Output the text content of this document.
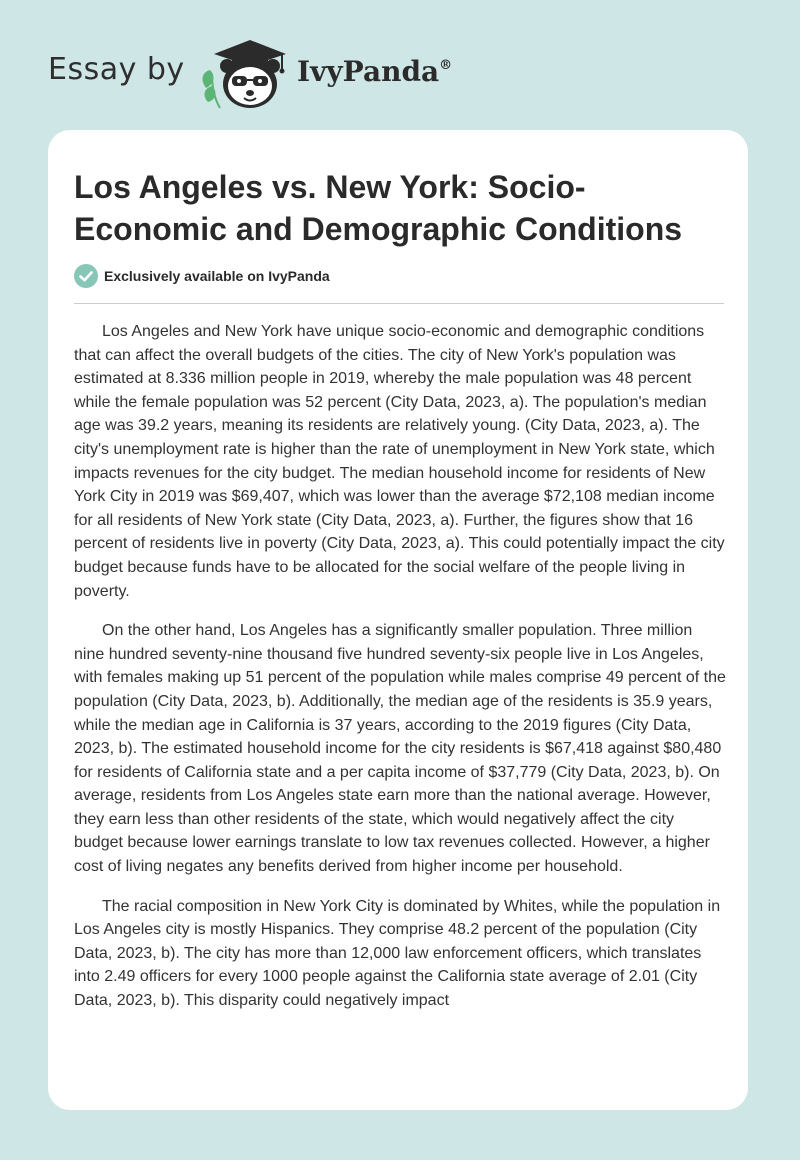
Essay by	IvyPanda®
Los Angeles vs. New York: Socio-Economic and Demographic Conditions
Exclusively available on IvyPanda

Los Angeles and New York have unique socio-economic and demographic conditions that can affect the overall budgets of the cities. The city of New York's population was estimated at 8.336 million people in 2019, whereby the male population was 48 percent while the female population was 52 percent (City Data, 2023, a). The population's median age was 39.2 years, meaning its residents are relatively young. (City Data, 2023, a). The city's unemployment rate is higher than the rate of unemployment in New York state, which impacts revenues for the city budget. The median household income for residents of New York City in 2019 was $69,407, which was lower than the average $72,108 median income for all residents of New York state (City Data, 2023, a). Further, the figures show that 16 percent of residents live in poverty (City Data, 2023, a). This could potentially impact the city budget because funds have to be allocated for the social welfare of the people living in poverty.

On the other hand, Los Angeles has a significantly smaller population. Three million nine hundred seventy-nine thousand five hundred seventy-six people live in Los Angeles, with females making up 51 percent of the population while males comprise 49 percent of the population (City Data, 2023, b). Additionally, the median age of the residents is 35.9 years, while the median age in California is 37 years, according to the 2019 figures (City Data, 2023, b). The estimated household income for the city residents is $67,418 against $80,480 for residents of California state and a per capita income of $37,779 (City Data, 2023, b). On average, residents from Los Angeles state earn more than the national average. However, they earn less than other residents of the state, which would negatively affect the city budget because lower earnings translate to low tax revenues collected. However, a higher cost of living negates any benefits derived from higher income per household.

The racial composition in New York City is dominated by Whites, while the population in Los Angeles city is mostly Hispanics. They comprise 48.2 percent of the population (City Data, 2023, b). The city has more than 12,000 law enforcement officers, which translates into 2.49 officers for every 1000 people against the California state average of 2.01 (City Data, 2023, b). This disparity could negatively impact
